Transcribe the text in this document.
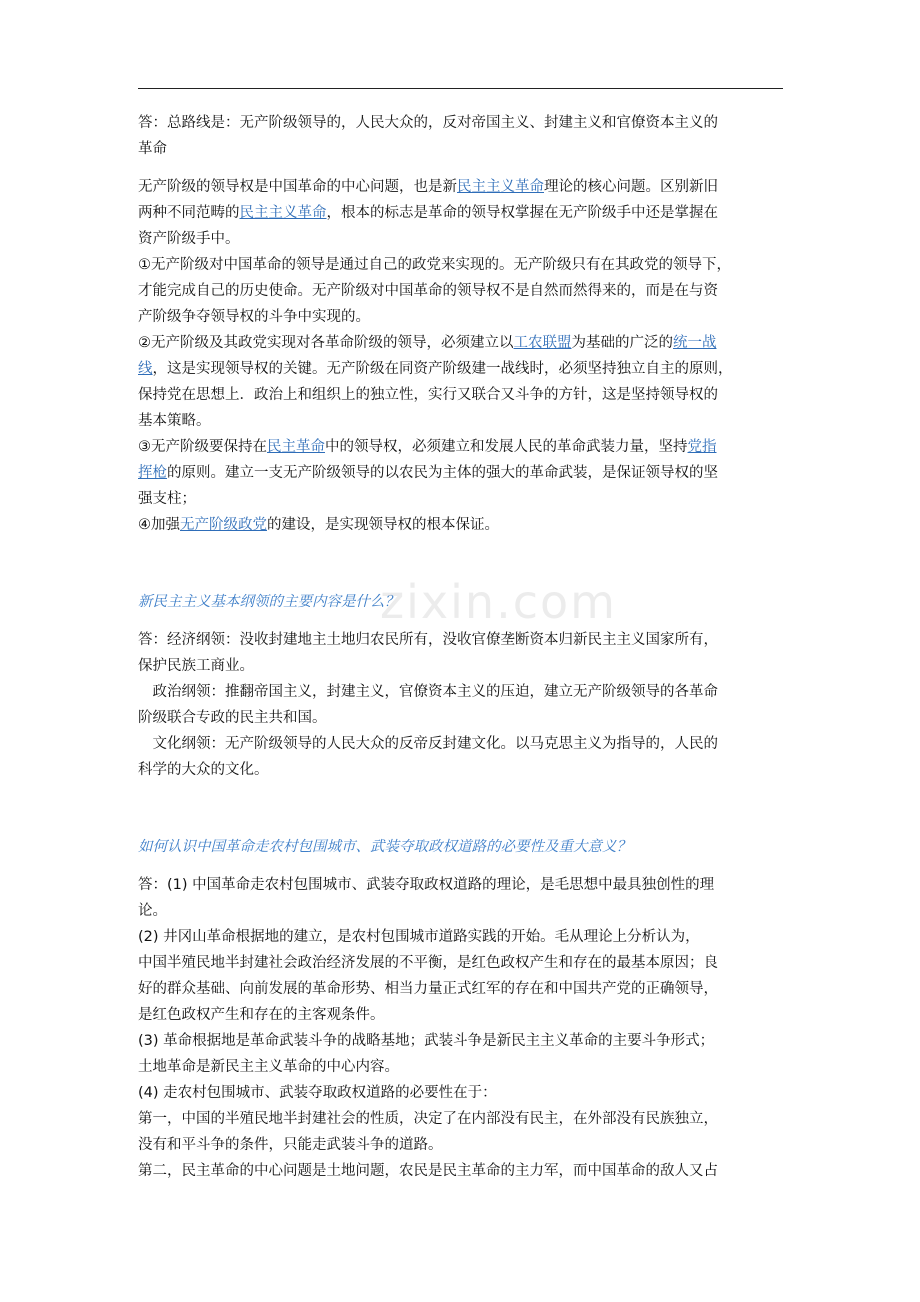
答：总路线是：无产阶级领导的，人民大众的，反对帝国主义、封建主义和官僚资本主义的
革命
无产阶级的领导权是中国革命的中心问题，也是新民主主义革命理论的核心问题。区别新旧
两种不同范畴的民主主义革命，根本的标志是革命的领导权掌握在无产阶级手中还是掌握在
资产阶级手中。
①无产阶级对中国革命的领导是通过自己的政党来实现的。无产阶级只有在其政党的领导下，
才能完成自己的历史使命。无产阶级对中国革命的领导权不是自然而然得来的，而是在与资
产阶级争夺领导权的斗争中实现的。
②无产阶级及其政党实现对各革命阶级的领导，必须建立以工农联盟为基础的广泛的统一战
线，这是实现领导权的关键。无产阶级在同资产阶级建一战线时，必须坚持独立自主的原则，
保持党在思想上．政治上和组织上的独立性，实行又联合又斗争的方针，这是坚持领导权的
基本策略。
③无产阶级要保持在民主革命中的领导权，必须建立和发展人民的革命武装力量，坚持党指
挥枪的原则。建立一支无产阶级领导的以农民为主体的强大的革命武装，是保证领导权的坚
强支柱；
④加强无产阶级政党的建设，是实现领导权的根本保证。
新民主主义基本纲领的主要内容是什么？
答：经济纲领：没收封建地主土地归农民所有，没收官僚垄断资本归新民主主义国家所有，
保护民族工商业。
　政治纲领：推翻帝国主义，封建主义，官僚资本主义的压迫，建立无产阶级领导的各革命
阶级联合专政的民主共和国。
　文化纲领：无产阶级领导的人民大众的反帝反封建文化。以马克思主义为指导的，人民的
科学的大众的文化。
如何认识中国革命走农村包围城市、武装夺取政权道路的必要性及重大意义？
答：(1) 中国革命走农村包围城市、武装夺取政权道路的理论，是毛思想中最具独创性的理
论。
(2) 井冈山革命根据地的建立，是农村包围城市道路实践的开始。毛从理论上分析认为，
中国半殖民地半封建社会政治经济发展的不平衡，是红色政权产生和存在的最基本原因；良
好的群众基础、向前发展的革命形势、相当力量正式红军的存在和中国共产党的正确领导，
是红色政权产生和存在的主客观条件。
(3) 革命根据地是革命武装斗争的战略基地；武装斗争是新民主主义革命的主要斗争形式；
土地革命是新民主主义革命的中心内容。
(4) 走农村包围城市、武装夺取政权道路的必要性在于：
第一，中国的半殖民地半封建社会的性质，决定了在内部没有民主，在外部没有民族独立，
没有和平斗争的条件，只能走武装斗争的道路。
第二，民主革命的中心问题是土地问题，农民是民主革命的主力军，而中国革命的敌人又占
zixin.com
